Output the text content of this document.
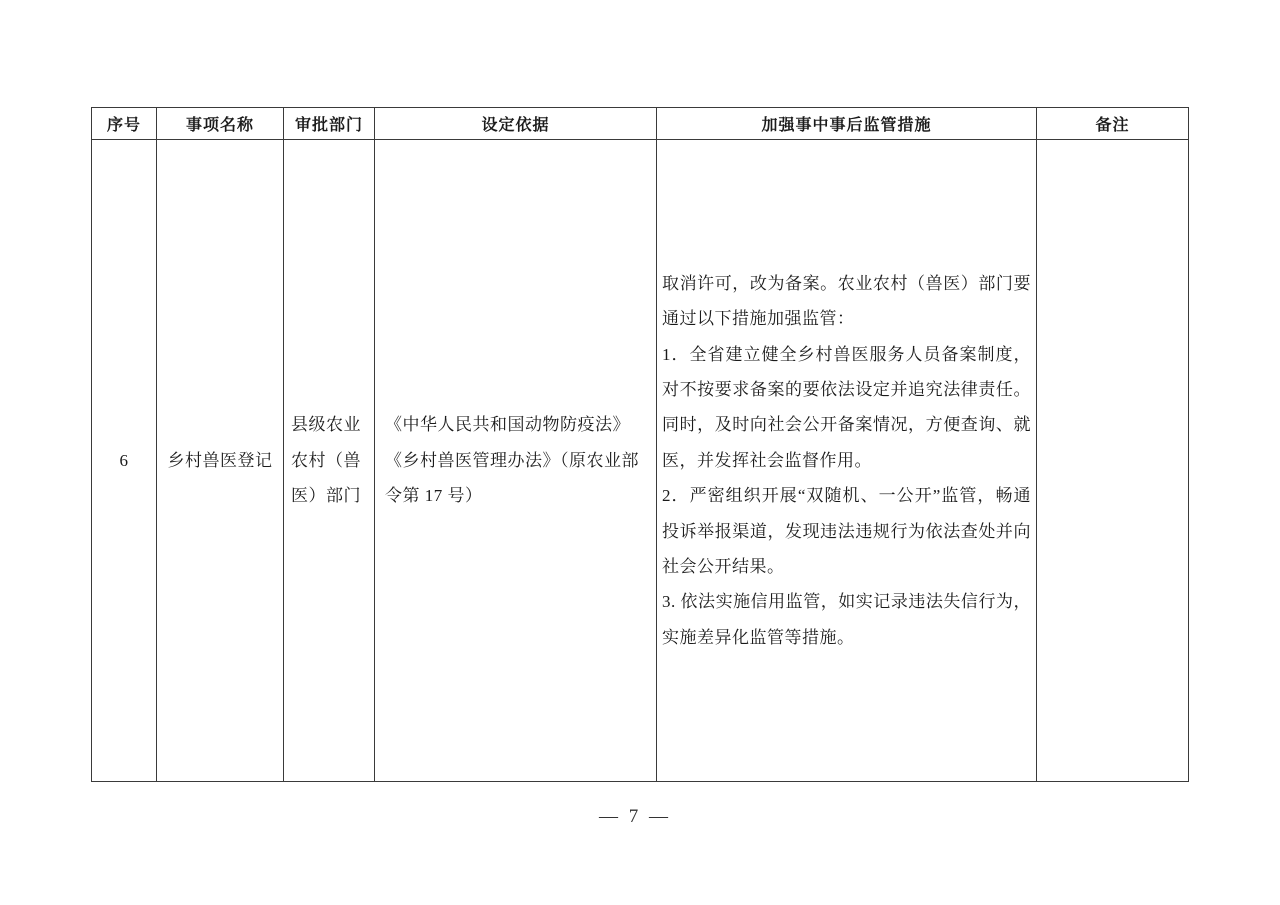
序号	事项名称	审批部门	设定依据	加强事中事后监管措施	备注
6	乡村兽医登记	县级农业农村（兽医）部门	《中华人民共和国动物防疫法》《乡村兽医管理办法》（原农业部令第 17 号）	取消许可，改为备案。农业农村（兽医）部门要通过以下措施加强监管：

1．全省建立健全乡村兽医服务人员备案制度，对不按要求备案的要依法设定并追究法律责任。同时，及时向社会公开备案情况，方便查询、就医，并发挥社会监督作用。

2．严密组织开展“双随机、一公开”监管，畅通投诉举报渠道，发现违法违规行为依法查处并向社会公开结果。

3. 依法实施信用监管，如实记录违法失信行为，实施差异化监管等措施。	

— 7 —
